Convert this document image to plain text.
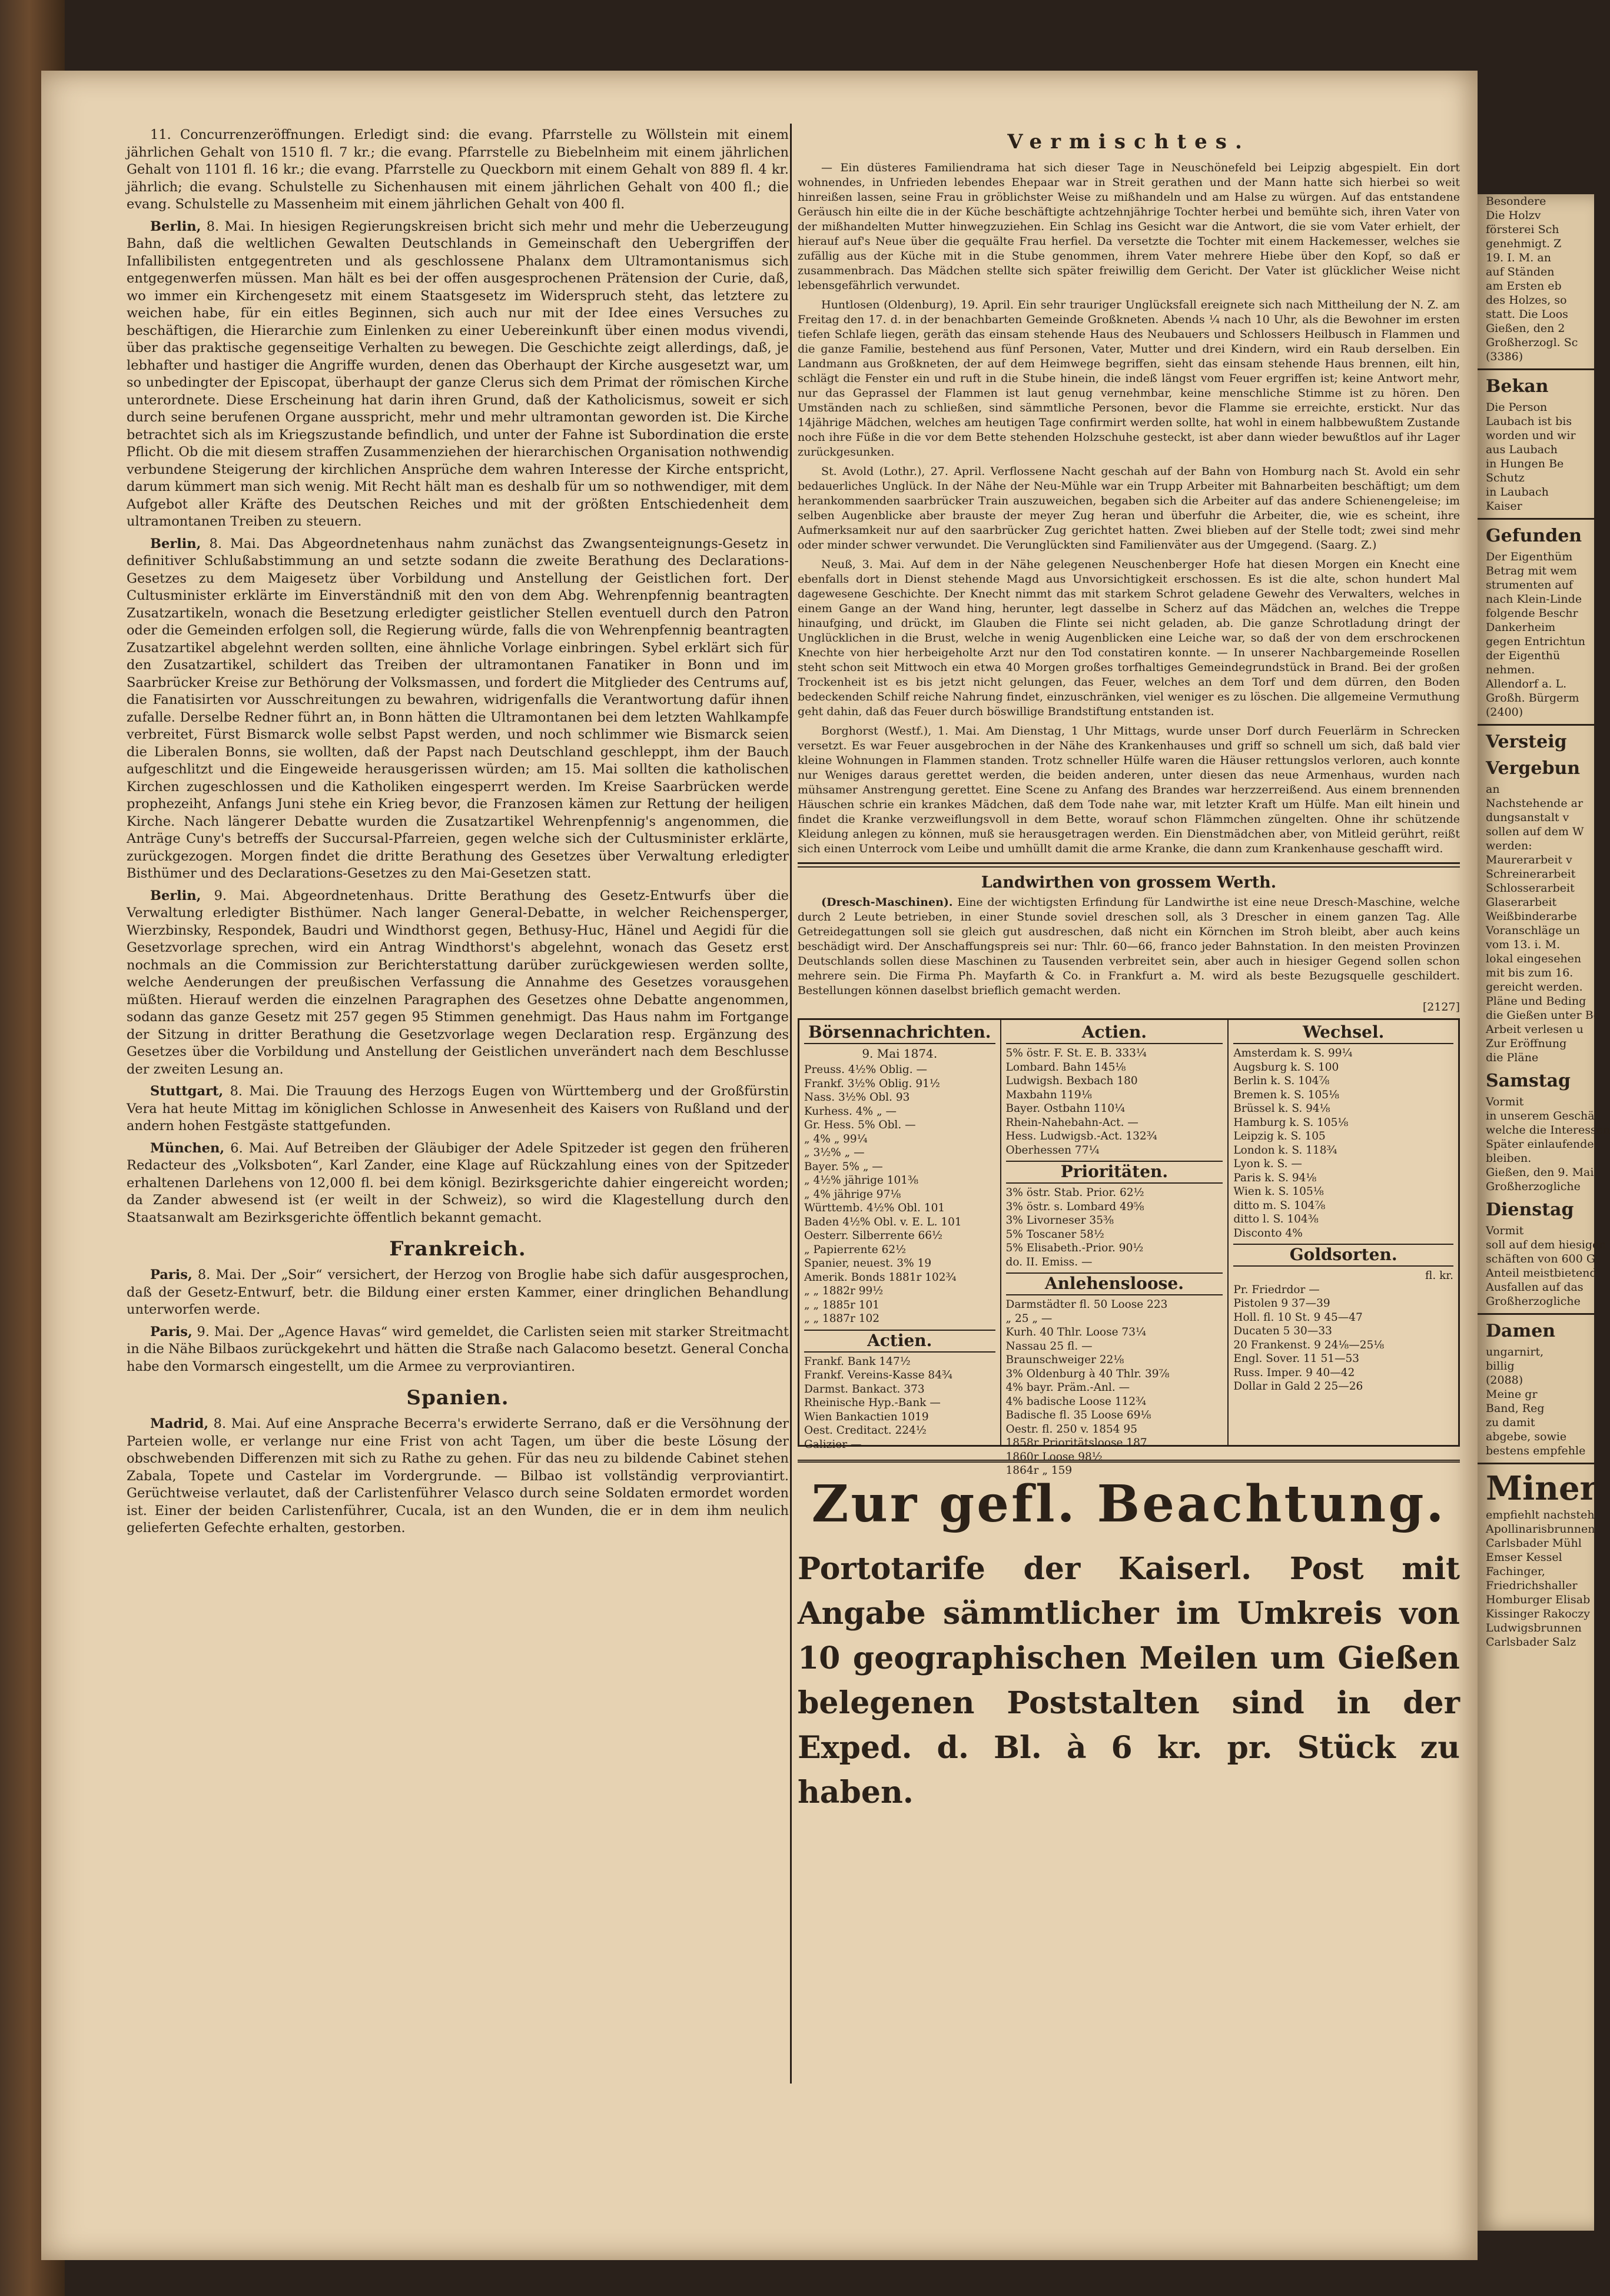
11. Concurrenzeröffnungen. Erledigt sind: die evang. Pfarrstelle zu Wöllstein mit einem jährlichen Gehalt von 1510 fl. 7 kr.; die evang. Pfarrstelle zu Biebelnheim mit einem jährlichen Gehalt von 1101 fl. 16 kr.; die evang. Pfarrstelle zu Queckborn mit einem Gehalt von 889 fl. 4 kr. jährlich; die evang. Schulstelle zu Sichenhausen mit einem jährlichen Gehalt von 400 fl.; die evang. Schulstelle zu Massenheim mit einem jährlichen Gehalt von 400 fl.

Berlin, 8. Mai. In hiesigen Regierungskreisen bricht sich mehr und mehr die Ueberzeugung Bahn, daß die weltlichen Gewalten Deutschlands in Gemeinschaft den Uebergriffen der Infallibilisten entgegentreten und als geschlossene Phalanx dem Ultramontanismus sich entgegenwerfen müssen. Man hält es bei der offen ausgesprochenen Prätension der Curie, daß, wo immer ein Kirchengesetz mit einem Staatsgesetz im Widerspruch steht, das letztere zu weichen habe, für ein eitles Beginnen, sich auch nur mit der Idee eines Versuches zu beschäftigen, die Hierarchie zum Einlenken zu einer Uebereinkunft über einen modus vivendi, über das praktische gegenseitige Verhalten zu bewegen. Die Geschichte zeigt allerdings, daß, je lebhafter und hastiger die Angriffe wurden, denen das Oberhaupt der Kirche ausgesetzt war, um so unbedingter der Episcopat, überhaupt der ganze Clerus sich dem Primat der römischen Kirche unterordnete. Diese Erscheinung hat darin ihren Grund, daß der Katholicismus, soweit er sich durch seine berufenen Organe ausspricht, mehr und mehr ultramontan geworden ist. Die Kirche betrachtet sich als im Kriegszustande befindlich, und unter der Fahne ist Subordination die erste Pflicht. Ob die mit diesem straffen Zusammenziehen der hierarchischen Organisation nothwendig verbundene Steigerung der kirchlichen Ansprüche dem wahren Interesse der Kirche entspricht, darum kümmert man sich wenig. Mit Recht hält man es deshalb für um so nothwendiger, mit dem Aufgebot aller Kräfte des Deutschen Reiches und mit der größten Entschiedenheit dem ultramontanen Treiben zu steuern.

Berlin, 8. Mai. Das Abgeordnetenhaus nahm zunächst das Zwangsenteignungs-Gesetz in definitiver Schlußabstimmung an und setzte sodann die zweite Berathung des Declarations-Gesetzes zu dem Maigesetz über Vorbildung und Anstellung der Geistlichen fort. Der Cultusminister erklärte im Einverständniß mit den von dem Abg. Wehrenpfennig beantragten Zusatzartikeln, wonach die Besetzung erledigter geistlicher Stellen eventuell durch den Patron oder die Gemeinden erfolgen soll, die Regierung würde, falls die von Wehrenpfennig beantragten Zusatzartikel abgelehnt werden sollten, eine ähnliche Vorlage einbringen. Sybel erklärt sich für den Zusatzartikel, schildert das Treiben der ultramontanen Fanatiker in Bonn und im Saarbrücker Kreise zur Bethörung der Volksmassen, und fordert die Mitglieder des Centrums auf, die Fanatisirten vor Ausschreitungen zu bewahren, widrigenfalls die Verantwortung dafür ihnen zufalle. Derselbe Redner führt an, in Bonn hätten die Ultramontanen bei dem letzten Wahlkampfe verbreitet, Fürst Bismarck wolle selbst Papst werden, und noch schlimmer wie Bismarck seien die Liberalen Bonns, sie wollten, daß der Papst nach Deutschland geschleppt, ihm der Bauch aufgeschlitzt und die Eingeweide herausgerissen würden; am 15. Mai sollten die katholischen Kirchen zugeschlossen und die Katholiken eingesperrt werden. Im Kreise Saarbrücken werde prophezeiht, Anfangs Juni stehe ein Krieg bevor, die Franzosen kämen zur Rettung der heiligen Kirche. Nach längerer Debatte wurden die Zusatzartikel Wehrenpfennig's angenommen, die Anträge Cuny's betreffs der Succursal-Pfarreien, gegen welche sich der Cultusminister erklärte, zurückgezogen. Morgen findet die dritte Berathung des Gesetzes über Verwaltung erledigter Bisthümer und des Declarations-Gesetzes zu den Mai-Gesetzen statt.

Berlin, 9. Mai. Abgeordnetenhaus. Dritte Berathung des Gesetz-Entwurfs über die Verwaltung erledigter Bisthümer. Nach langer General-Debatte, in welcher Reichensperger, Wierzbinsky, Respondek, Baudri und Windthorst gegen, Bethusy-Huc, Hänel und Aegidi für die Gesetzvorlage sprechen, wird ein Antrag Windthorst's abgelehnt, wonach das Gesetz erst nochmals an die Commission zur Berichterstattung darüber zurückgewiesen werden sollte, welche Aenderungen der preußischen Verfassung die Annahme des Gesetzes vorausgehen müßten. Hierauf werden die einzelnen Paragraphen des Gesetzes ohne Debatte angenommen, sodann das ganze Gesetz mit 257 gegen 95 Stimmen genehmigt. Das Haus nahm im Fortgange der Sitzung in dritter Berathung die Gesetzvorlage wegen Declaration resp. Ergänzung des Gesetzes über die Vorbildung und Anstellung der Geistlichen unverändert nach dem Beschlusse der zweiten Lesung an.

Stuttgart, 8. Mai. Die Trauung des Herzogs Eugen von Württemberg und der Großfürstin Vera hat heute Mittag im königlichen Schlosse in Anwesenheit des Kaisers von Rußland und der andern hohen Festgäste stattgefunden.

München, 6. Mai. Auf Betreiben der Gläubiger der Adele Spitzeder ist gegen den früheren Redacteur des „Volksboten“, Karl Zander, eine Klage auf Rückzahlung eines von der Spitzeder erhaltenen Darlehens von 12,000 fl. bei dem königl. Bezirksgerichte dahier eingereicht worden; da Zander abwesend ist (er weilt in der Schweiz), so wird die Klagestellung durch den Staatsanwalt am Bezirksgerichte öffentlich bekannt gemacht.

Frankreich.

Paris, 8. Mai. Der „Soir“ versichert, der Herzog von Broglie habe sich dafür ausgesprochen, daß der Gesetz-Entwurf, betr. die Bildung einer ersten Kammer, einer dringlichen Behandlung unterworfen werde.

Paris, 9. Mai. Der „Agence Havas“ wird gemeldet, die Carlisten seien mit starker Streitmacht in die Nähe Bilbaos zurückgekehrt und hätten die Straße nach Galacomo besetzt. General Concha habe den Vormarsch eingestellt, um die Armee zu verproviantiren.

Spanien.

Madrid, 8. Mai. Auf eine Ansprache Becerra's erwiderte Serrano, daß er die Versöhnung der Parteien wolle, er verlange nur eine Frist von acht Tagen, um über die beste Lösung der obschwebenden Differenzen mit sich zu Rathe zu gehen. Für das neu zu bildende Cabinet stehen Zabala, Topete und Castelar im Vordergrunde. — Bilbao ist vollständig verproviantirt. Gerüchtweise verlautet, daß der Carlistenführer Velasco durch seine Soldaten ermordet worden ist. Einer der beiden Carlistenführer, Cucala, ist an den Wunden, die er in dem ihm neulich gelieferten Gefechte erhalten, gestorben.

Vermischtes.

— Ein düsteres Familiendrama hat sich dieser Tage in Neuschönefeld bei Leipzig abgespielt. Ein dort wohnendes, in Unfrieden lebendes Ehepaar war in Streit gerathen und der Mann hatte sich hierbei so weit hinreißen lassen, seine Frau in gröblichster Weise zu mißhandeln und am Halse zu würgen. Auf das entstandene Geräusch hin eilte die in der Küche beschäftigte achtzehnjährige Tochter herbei und bemühte sich, ihren Vater von der mißhandelten Mutter hinwegzuziehen. Ein Schlag ins Gesicht war die Antwort, die sie vom Vater erhielt, der hierauf auf's Neue über die gequälte Frau herfiel. Da versetzte die Tochter mit einem Hackemesser, welches sie zufällig aus der Küche mit in die Stube genommen, ihrem Vater mehrere Hiebe über den Kopf, so daß er zusammenbrach. Das Mädchen stellte sich später freiwillig dem Gericht. Der Vater ist glücklicher Weise nicht lebensgefährlich verwundet.

Huntlosen (Oldenburg), 19. April. Ein sehr trauriger Unglücksfall ereignete sich nach Mittheilung der N. Z. am Freitag den 17. d. in der benachbarten Gemeinde Großkneten. Abends ¼ nach 10 Uhr, als die Bewohner im ersten tiefen Schlafe liegen, geräth das einsam stehende Haus des Neubauers und Schlossers Heilbusch in Flammen und die ganze Familie, bestehend aus fünf Personen, Vater, Mutter und drei Kindern, wird ein Raub derselben. Ein Landmann aus Großkneten, der auf dem Heimwege begriffen, sieht das einsam stehende Haus brennen, eilt hin, schlägt die Fenster ein und ruft in die Stube hinein, die indeß längst vom Feuer ergriffen ist; keine Antwort mehr, nur das Geprassel der Flammen ist laut genug vernehmbar, keine menschliche Stimme ist zu hören. Den Umständen nach zu schließen, sind sämmtliche Personen, bevor die Flamme sie erreichte, erstickt. Nur das 14jährige Mädchen, welches am heutigen Tage confirmirt werden sollte, hat wohl in einem halbbewußtem Zustande noch ihre Füße in die vor dem Bette stehenden Holzschuhe gesteckt, ist aber dann wieder bewußtlos auf ihr Lager zurückgesunken.

St. Avold (Lothr.), 27. April. Verflossene Nacht geschah auf der Bahn von Homburg nach St. Avold ein sehr bedauerliches Unglück. In der Nähe der Neu-Mühle war ein Trupp Arbeiter mit Bahnarbeiten beschäftigt; um dem herankommenden saarbrücker Train auszuweichen, begaben sich die Arbeiter auf das andere Schienengeleise; im selben Augenblicke aber brauste der meyer Zug heran und überfuhr die Arbeiter, die, wie es scheint, ihre Aufmerksamkeit nur auf den saarbrücker Zug gerichtet hatten. Zwei blieben auf der Stelle todt; zwei sind mehr oder minder schwer verwundet. Die Verunglückten sind Familienväter aus der Umgegend. (Saarg. Z.)

Neuß, 3. Mai. Auf dem in der Nähe gelegenen Neuschenberger Hofe hat diesen Morgen ein Knecht eine ebenfalls dort in Dienst stehende Magd aus Unvorsichtigkeit erschossen. Es ist die alte, schon hundert Mal dagewesene Geschichte. Der Knecht nimmt das mit starkem Schrot geladene Gewehr des Verwalters, welches in einem Gange an der Wand hing, herunter, legt dasselbe in Scherz auf das Mädchen an, welches die Treppe hinaufging, und drückt, im Glauben die Flinte sei nicht geladen, ab. Die ganze Schrotladung dringt der Unglücklichen in die Brust, welche in wenig Augenblicken eine Leiche war, so daß der von dem erschrockenen Knechte von hier herbeigeholte Arzt nur den Tod constatiren konnte. — In unserer Nachbargemeinde Rosellen steht schon seit Mittwoch ein etwa 40 Morgen großes torfhaltiges Gemeindegrundstück in Brand. Bei der großen Trockenheit ist es bis jetzt nicht gelungen, das Feuer, welches an dem Torf und dem dürren, den Boden bedeckenden Schilf reiche Nahrung findet, einzuschränken, viel weniger es zu löschen. Die allgemeine Vermuthung geht dahin, daß das Feuer durch böswillige Brandstiftung entstanden ist.

Borghorst (Westf.), 1. Mai. Am Dienstag, 1 Uhr Mittags, wurde unser Dorf durch Feuerlärm in Schrecken versetzt. Es war Feuer ausgebrochen in der Nähe des Krankenhauses und griff so schnell um sich, daß bald vier kleine Wohnungen in Flammen standen. Trotz schneller Hülfe waren die Häuser rettungslos verloren, auch konnte nur Weniges daraus gerettet werden, die beiden anderen, unter diesen das neue Armenhaus, wurden nach mühsamer Anstrengung gerettet. Eine Scene zu Anfang des Brandes war herzzerreißend. Aus einem brennenden Häuschen schrie ein krankes Mädchen, daß dem Tode nahe war, mit letzter Kraft um Hülfe. Man eilt hinein und findet die Kranke verzweiflungsvoll in dem Bette, worauf schon Flämmchen züngelten. Ohne ihr schützende Kleidung anlegen zu können, muß sie herausgetragen werden. Ein Dienstmädchen aber, von Mitleid gerührt, reißt sich einen Unterrock vom Leibe und umhüllt damit die arme Kranke, die dann zum Krankenhause geschafft wird.

Landwirthen von grossem Werth.

(Dresch-Maschinen). Eine der wichtigsten Erfindung für Landwirthe ist eine neue Dresch-Maschine, welche durch 2 Leute betrieben, in einer Stunde soviel dreschen soll, als 3 Drescher in einem ganzen Tag. Alle Getreidegattungen soll sie gleich gut ausdreschen, daß nicht ein Körnchen im Stroh bleibt, aber auch keins beschädigt wird. Der Anschaffungspreis sei nur: Thlr. 60—66, franco jeder Bahnstation. In den meisten Provinzen Deutschlands sollen diese Maschinen zu Tausenden verbreitet sein, aber auch in hiesiger Gegend sollen schon mehrere sein. Die Firma Ph. Mayfarth & Co. in Frankfurt a. M. wird als beste Bezugsquelle geschildert. Bestellungen können daselbst brieflich gemacht werden.

[2127]
Börsennachrichten.
9. Mai 1874.
Preuss. 4½% Oblig. —
Frankf. 3½% Oblig. 91½
Nass. 3½% Obl. 93
Kurhess. 4% „ —
Gr. Hess. 5% Obl. —
„ 4% „ 99¼
„ 3½% „ —
Bayer. 5% „ —
„ 4½% jährige 101⅜
„ 4% jährige 97⅛
Württemb. 4½% Obl. 101
Baden 4½% Obl. v. E. L. 101
Oesterr. Silberrente 66½
„ Papierrente 62½
Spanier, neuest. 3% 19
Amerik. Bonds 1881r 102¾
„ „ 1882r 99½
„ „ 1885r 101
„ „ 1887r 102
Actien.
Frankf. Bank 147½
Frankf. Vereins-Kasse 84¾
Darmst. Bankact. 373
Rheinische Hyp.-Bank —
Wien Bankactien 1019
Oest. Creditact. 224½
Galizier —
Actien.
5% östr. F. St. E. B. 333¼
Lombard. Bahn 145⅛
Ludwigsh. Bexbach 180
Maxbahn 119⅛
Bayer. Ostbahn 110¼
Rhein-Nahebahn-Act. —
Hess. Ludwigsb.-Act. 132¾
Oberhessen 77¼
Prioritäten.
3% östr. Stab. Prior. 62½
3% östr. s. Lombard 49⅝
3% Livorneser 35⅜
5% Toscaner 58½
5% Elisabeth.-Prior. 90½
do. II. Emiss. —
Anlehensloose.
Darmstädter fl. 50 Loose 223
„ 25 „ —
Kurh. 40 Thlr. Loose 73¼
Nassau 25 fl. —
Braunschweiger 22⅛
3% Oldenburg à 40 Thlr. 39⅞
4% bayr. Präm.-Anl. —
4% badische Loose 112¾
Badische fl. 35 Loose 69⅛
Oestr. fl. 250 v. 1854 95
1858r Prioritätsloose 187
1860r Loose 98½
1864r „ 159
Wechsel.
Amsterdam k. S. 99¼
Augsburg k. S. 100
Berlin k. S. 104⅞
Bremen k. S. 105⅛
Brüssel k. S. 94⅛
Hamburg k. S. 105⅛
Leipzig k. S. 105
London k. S. 118¾
Lyon k. S. —
Paris k. S. 94⅛
Wien k. S. 105⅛
ditto m. S. 104⅞
ditto l. S. 104⅜
Disconto 4%
Goldsorten.
fl. kr.
Pr. Friedrdor —
Pistolen 9 37—39
Holl. fl. 10 St. 9 45—47
Ducaten 5 30—33
20 Frankenst. 9 24⅛—25⅛
Engl. Sover. 11 51—53
Russ. Imper. 9 40—42
Dollar in Gald 2 25—26
Zur gefl. Beachtung.
Portotarife der Kaiserl. Post mit Angabe sämmtlicher im Umkreis von 10 geographischen Meilen um Gießen belegenen Poststalten sind in der Exped. d. Bl. à 6 kr. pr. Stück zu haben.
Besondere
Die Holzv
försterei Sch
genehmigt. Z
19. I. M. an
auf Ständen
am Ersten eb
des Holzes, so
statt. Die Loos
Gießen, den 2
Großherzogl. Sc
(3386)
Bekan
Die Person
Laubach ist bis
worden und wir
aus Laubach
in Hungen Be
Schutz
in Laubach
Kaiser
Gefunden
Der Eigenthüm
Betrag mit wem
strumenten auf
nach Klein-Linde
folgende Beschr
Dankerheim
gegen Entrichtun
der Eigenthü
nehmen.
Allendorf a. L.
Großh. Bürgerm
(2400)
Versteig
Vergebun
an
Nachstehende ar
dungsanstalt v
sollen auf dem W
werden:
Maurerarbeit v
Schreinerarbeit
Schlosserarbeit
Glaserarbeit
Weißbinderarbe
Voranschläge un
vom 13. i. M.
lokal eingesehen
mit bis zum 16.
gereicht werden.
Pläne und Beding
die Gießen unter Be
Arbeit verlesen u
Zur Eröffnung
die Pläne
Samstag
Vormit
in unserem Geschä
welche die Interessen
Später einlaufende
bleiben.
Gießen, den 9. Mai
Großherzogliche
Dienstag
Vormit
soll auf dem hiesigen
schäften von 600 G
Anteil meistbietend
Ausfallen auf das
Großherzogliche
Damen
ungarnirt,
billig
(2088)
Meine gr
Band, Reg
zu damit
abgebe, sowie
bestens empfehle
Miner
empfiehlt nachsteh
Apollinarisbrunnen
Carlsbader Mühl
Emser Kessel
Fachinger,
Friedrichshaller
Homburger Elisab
Kissinger Rakoczy
Ludwigsbrunnen
Carlsbader Salz
